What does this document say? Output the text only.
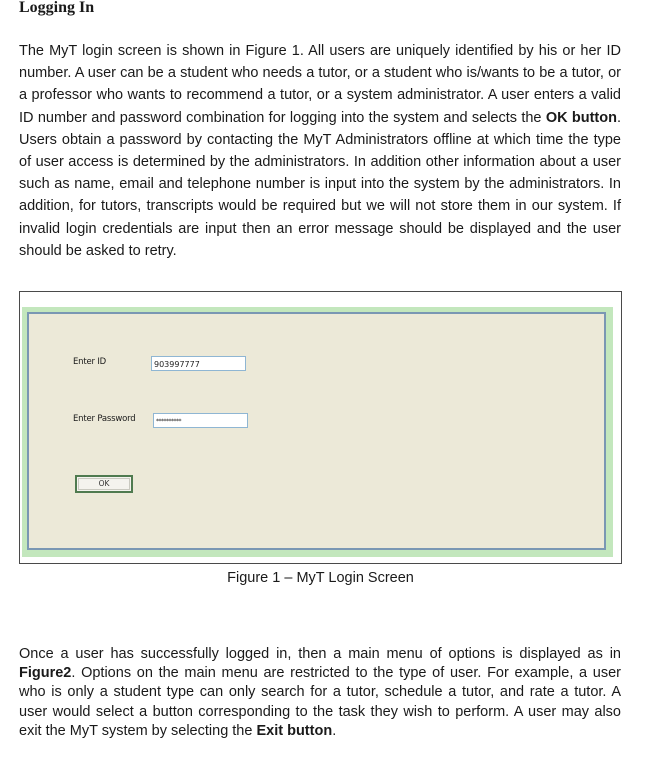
Logging In

The MyT login screen is shown in Figure 1. All users are uniquely identified by his or her ID number. A user can be a student who needs a tutor, or a student who is/wants to be a tutor, or a professor who wants to recommend a tutor, or a system administrator. A user enters a valid ID number and password combination for logging into the system and selects the OK button. Users obtain a password by contacting the MyT Administrators offline at which time the type of user access is determined by the administrators. In addition other information about a user such as name, email and telephone number is input into the system by the administrators. In addition, for tutors, transcripts would be required but we will not store them in our system. If invalid login credentials are input then an error message should be displayed and the user should be asked to retry.

Enter ID	903997777
Enter Password	**********
OK

Figure 1 – MyT Login Screen

Once a user has successfully logged in, then a main menu of options is displayed as in Figure2. Options on the main menu are restricted to the type of user. For example, a user who is only a student type can only search for a tutor, schedule a tutor, and rate a tutor. A user would select a button corresponding to the task they wish to perform. A user may also exit the MyT system by selecting the Exit button.
